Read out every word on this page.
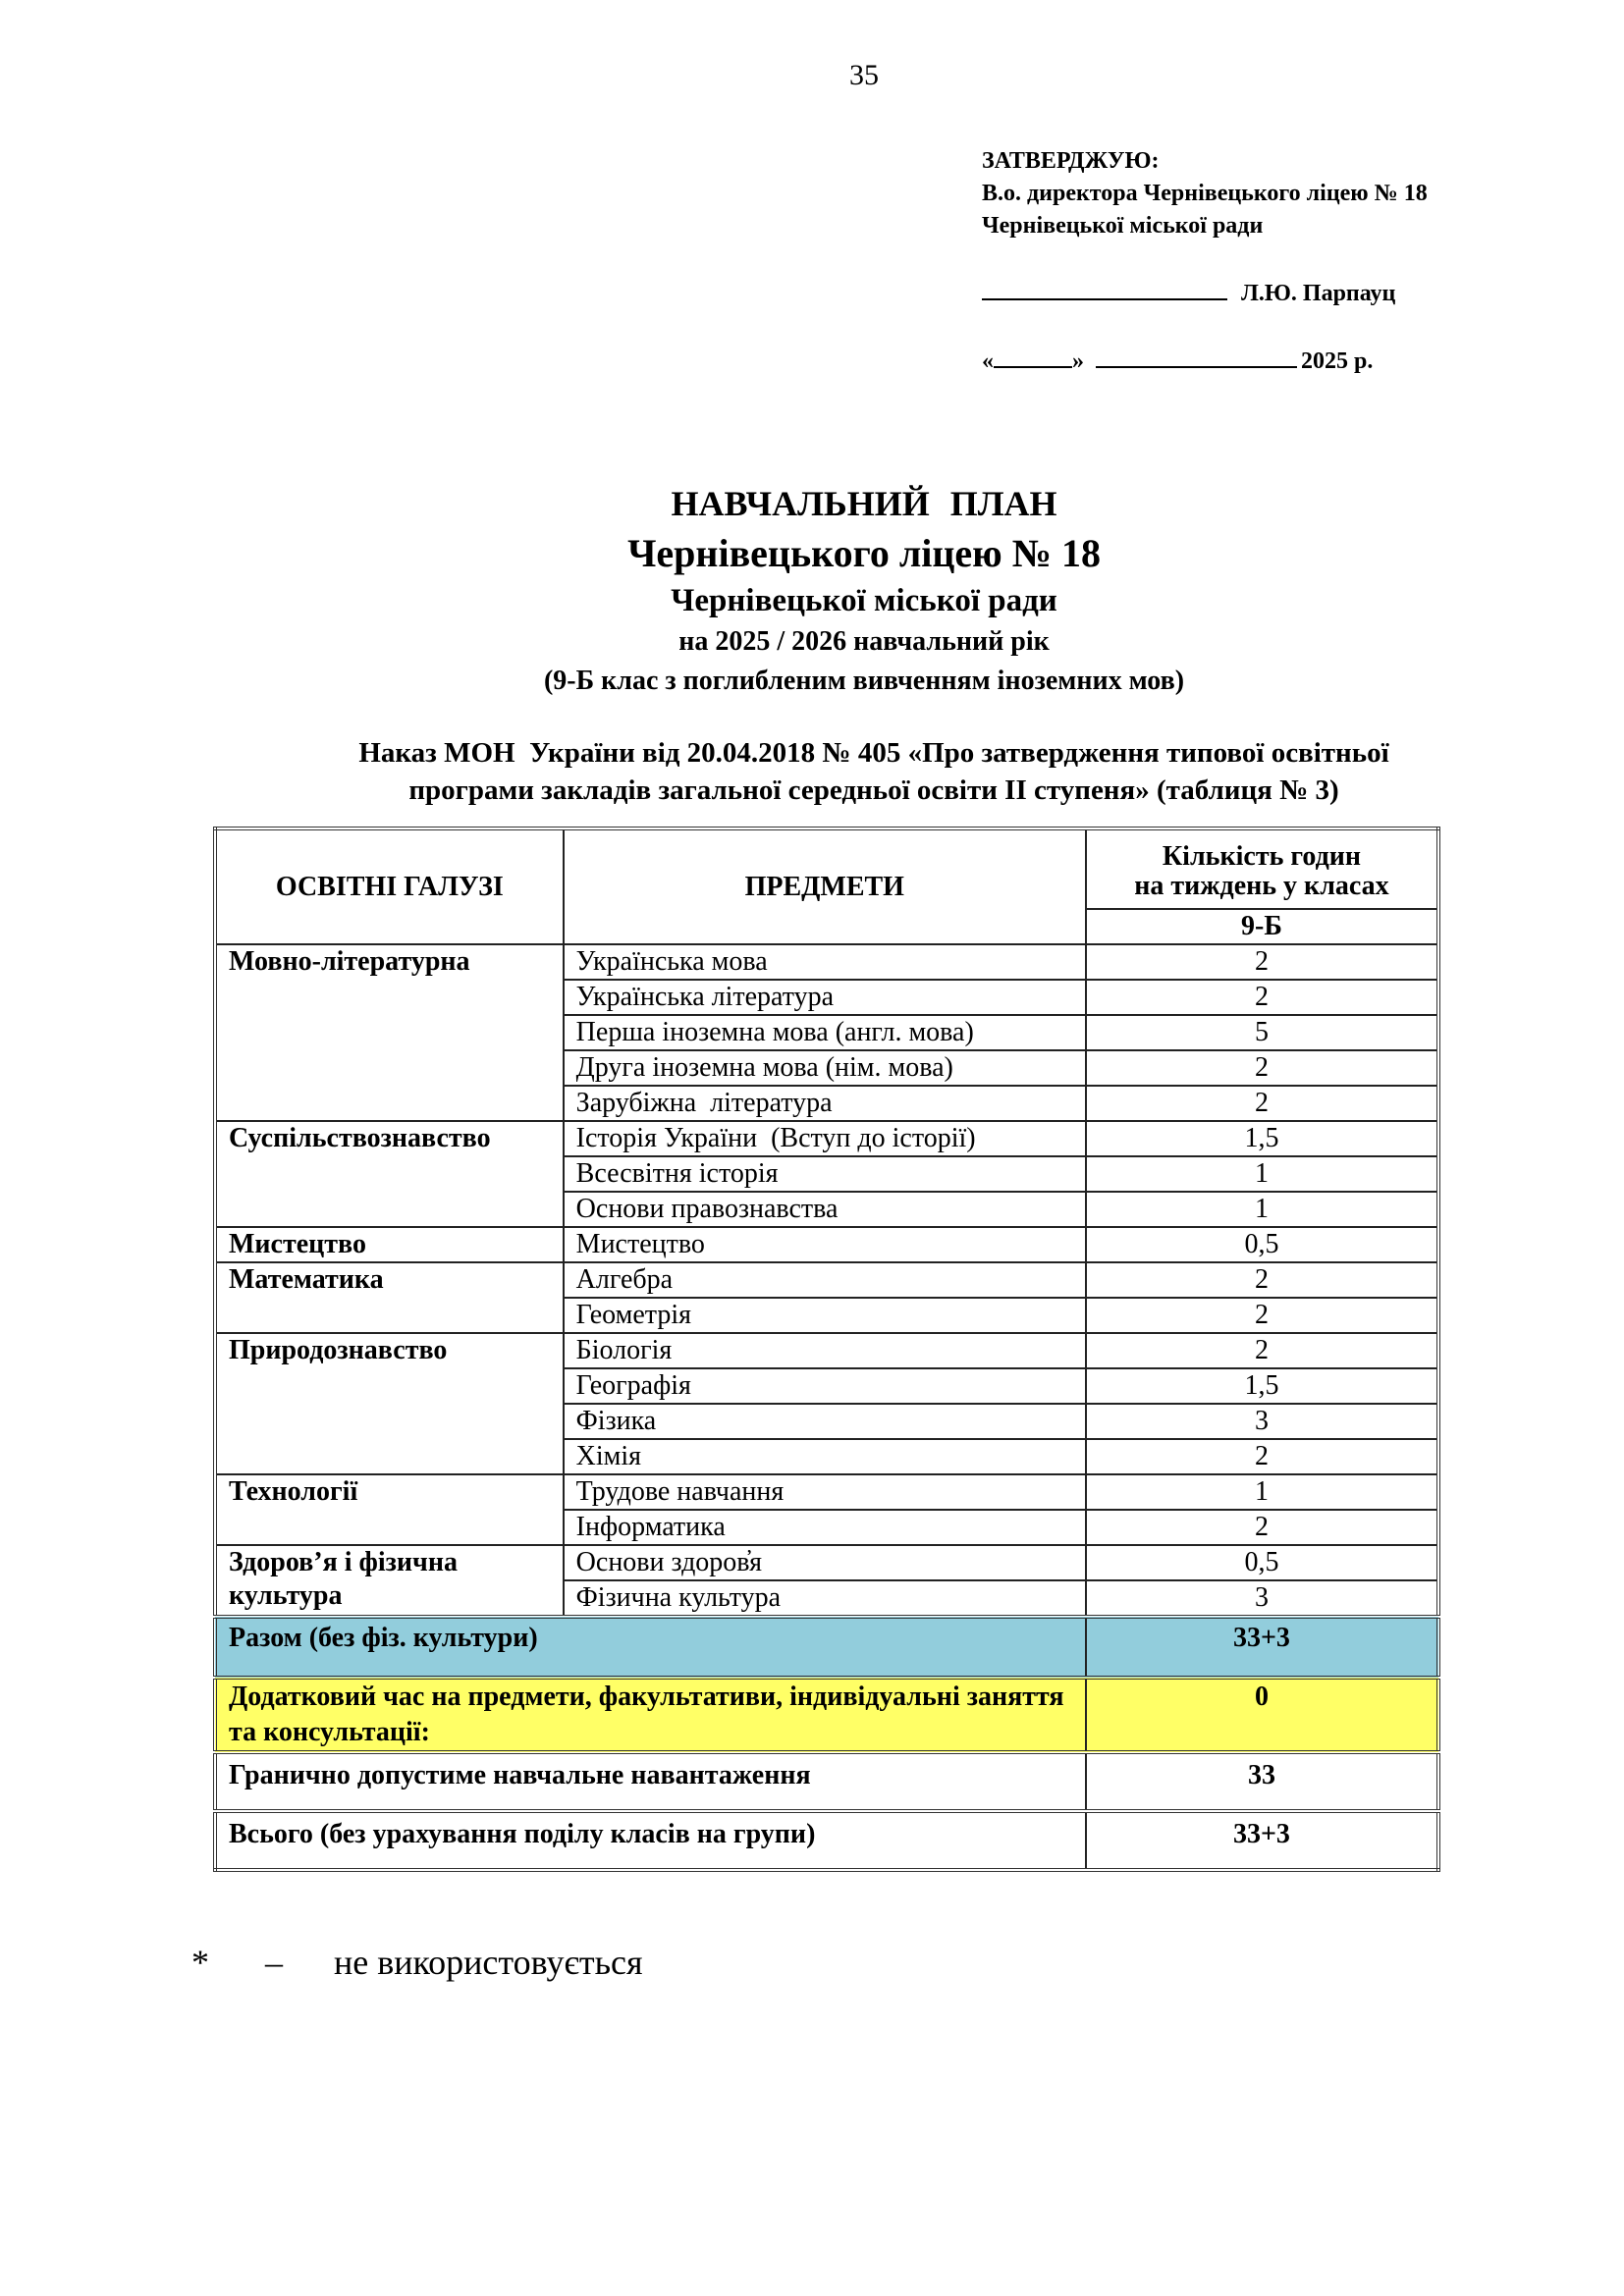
35
ЗАТВЕРДЖУЮ:
В.о. директора Чернівецького ліцею № 18
Чернівецької міської ради
Л.Ю. Парпауц
«	»	2025 р.
НАВЧАЛЬНИЙ ПЛАН
Чернівецького ліцею № 18
Чернівецької міської ради
на 2025 / 2026 навчальний рік
(9-Б клас з поглибленим вивченням іноземних мов)
Наказ МОН  України від 20.04.2018 № 405 «Про затвердження типової освітньої
програми закладів загальної середньої освіти ІІ ступеня» (таблиця № 3)
ОСВІТНІ ГАЛУЗІ	ПРЕДМЕТИ	Кількість годин
на тиждень у класах

		9-Б
Мовно-літературна	Українська мова	2
	Українська література	2
	Перша іноземна мова (англ. мова)	5
	Друга іноземна мова (нім. мова)	2
	Зарубіжна  література	2
Суспільствознавство	Історія України  (Вступ до історії)	1,5
	Всесвітня історія	1
	Основи правознавства	1
Мистецтво	Мистецтво	0,5
Математика	Алгебра	2
	Геометрія	2
Природознавство	Біологія	2
	Географія	1,5
	Фізика	3
	Хімія	2
Технології	Трудове навчання	1
	Інформатика	2
Здоров’я і фізична культура	Основи здоров̓я	0,5
	Фізична культура	3
Разом (без фіз. культури)		33+3
Додатковий час на предмети, факультативи, індивідуальні заняття та консультації:		0
Гранично допустиме навчальне навантаження		33
Всього (без урахування поділу класів на групи)		33+3
* – не використовується
